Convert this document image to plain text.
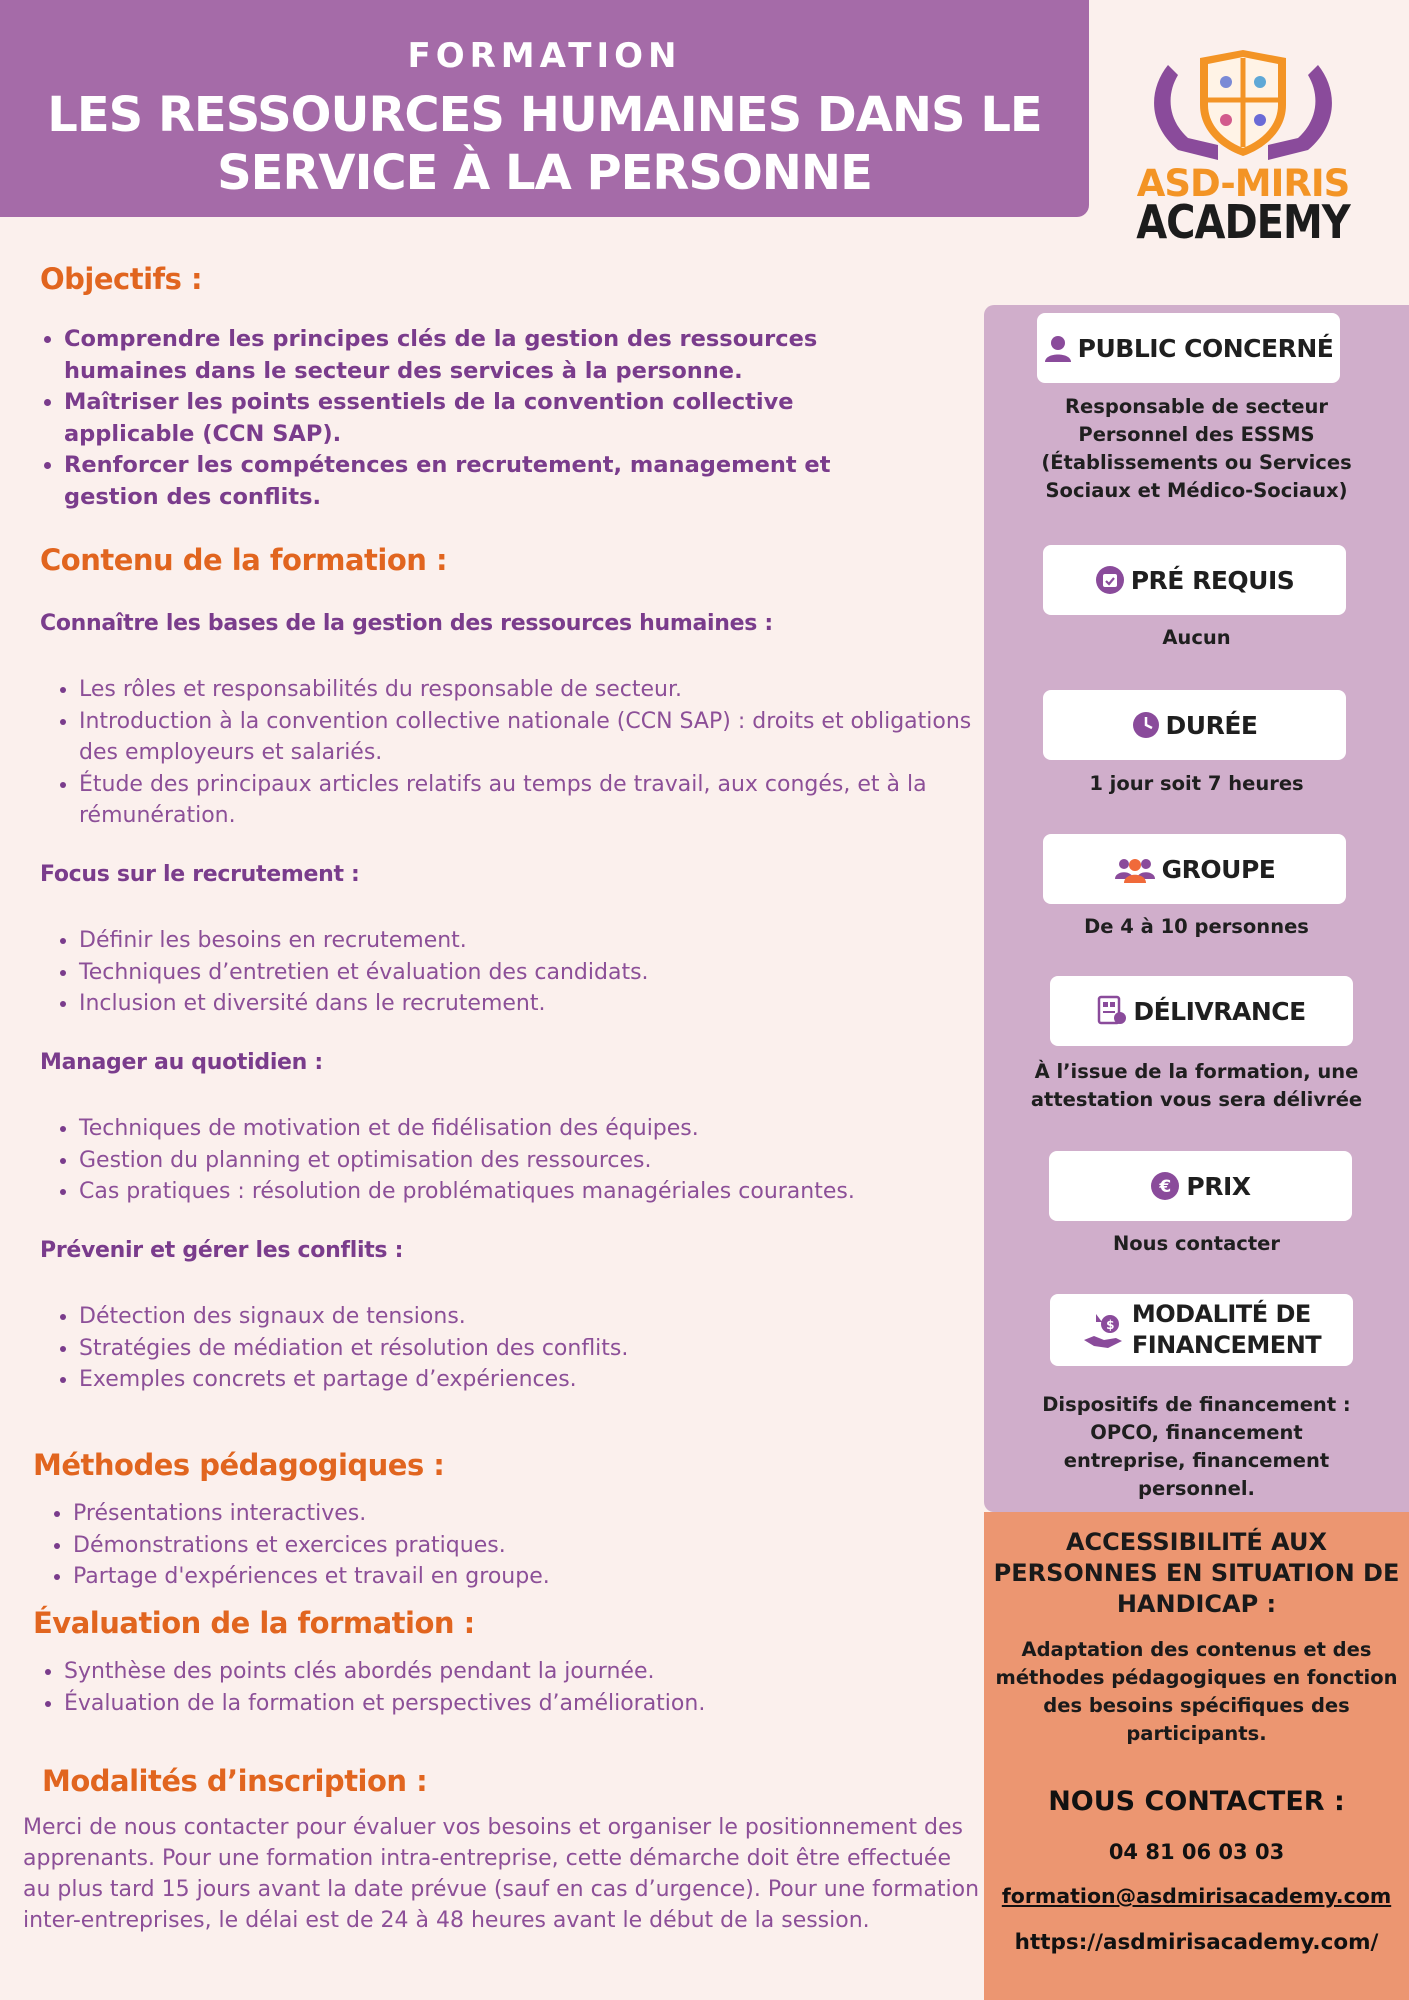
FORMATION
LES RESSOURCES HUMAINES DANS LE
SERVICE À LA PERSONNE	ASD-MIRIS
ACADEMY
Objectifs :
• Comprendre les principes clés de la gestion des ressources humaines dans le secteur des services à la personne.
• Maîtriser les points essentiels de la convention collective applicable (CCN SAP).
• Renforcer les compétences en recrutement, management et gestion des conflits.
Contenu de la formation :
Connaître les bases de la gestion des ressources humaines :
• Les rôles et responsabilités du responsable de secteur.
• Introduction à la convention collective nationale (CCN SAP) : droits et obligations des employeurs et salariés.
• Étude des principaux articles relatifs au temps de travail, aux congés, et à la rémunération.
Focus sur le recrutement :
• Définir les besoins en recrutement.
• Techniques d’entretien et évaluation des candidats.
• Inclusion et diversité dans le recrutement.
Manager au quotidien :
• Techniques de motivation et de fidélisation des équipes.
• Gestion du planning et optimisation des ressources.
• Cas pratiques : résolution de problématiques managériales courantes.
Prévenir et gérer les conflits :
• Détection des signaux de tensions.
• Stratégies de médiation et résolution des conflits.
• Exemples concrets et partage d’expériences.
Méthodes pédagogiques :
• Présentations interactives.
• Démonstrations et exercices pratiques.
• Partage d'expériences et travail en groupe.
Évaluation de la formation :
• Synthèse des points clés abordés pendant la journée.
• Évaluation de la formation et perspectives d’amélioration.
Modalités d’inscription :
Merci de nous contacter pour évaluer vos besoins et organiser le positionnement des apprenants. Pour une formation intra-entreprise, cette démarche doit être effectuée au plus tard 15 jours avant la date prévue (sauf en cas d’urgence). Pour une formation inter-entreprises, le délai est de 24 à 48 heures avant le début de la session.
PUBLIC CONCERNÉ
Responsable de secteur
Personnel des ESSMS
(Établissements ou Services
Sociaux et Médico-Sociaux)
PRÉ REQUIS
Aucun
DURÉE
1 jour soit 7 heures
GROUPE
De 4 à 10 personnes
DÉLIVRANCE
À l’issue de la formation, une
attestation vous sera délivrée
€ PRIX
Nous contacter
$ MODALITÉ DE
FINANCEMENT
Dispositifs de financement :
OPCO, financement
entreprise, financement
personnel.
ACCESSIBILITÉ AUX
PERSONNES EN SITUATION DE
HANDICAP :
Adaptation des contenus et des
méthodes pédagogiques en fonction
des besoins spécifiques des
participants.
NOUS CONTACTER :
04 81 06 03 03
formation@asdmirisacademy.com
https://asdmirisacademy.com/
